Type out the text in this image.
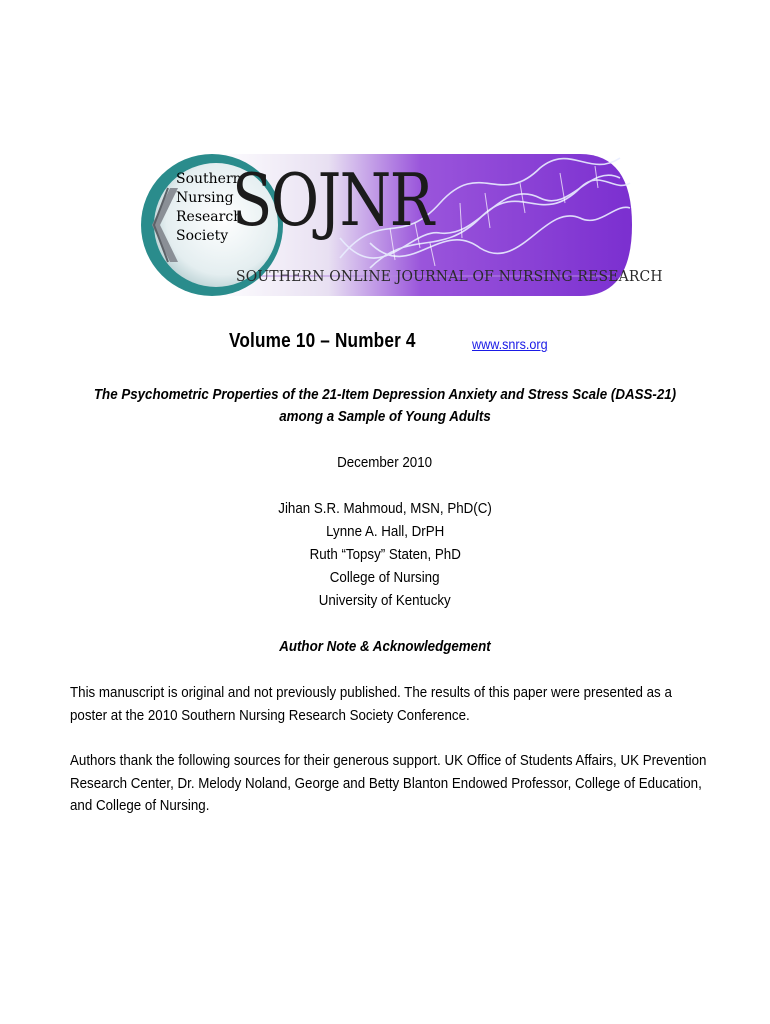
Southern
Nursing
Research
Society SOJNR
SOUTHERN ONLINE JOURNAL OF NURSING RESEARCH
Volume 10 – Number 4	www.snrs.org
The Psychometric Properties of the 21-Item Depression Anxiety and Stress Scale (DASS-21) among a Sample of Young Adults
December 2010
Jihan S.R. Mahmoud, MSN, PhD(C)
Lynne A. Hall, DrPH
Ruth “Topsy” Staten, PhD
College of Nursing
University of Kentucky
Author Note & Acknowledgement
This manuscript is original and not previously published. The results of this paper were presented as a poster at the 2010 Southern Nursing Research Society Conference.
Authors thank the following sources for their generous support. UK Office of Students Affairs, UK Prevention Research Center, Dr. Melody Noland, George and Betty Blanton Endowed Professor, College of Education, and College of Nursing.
